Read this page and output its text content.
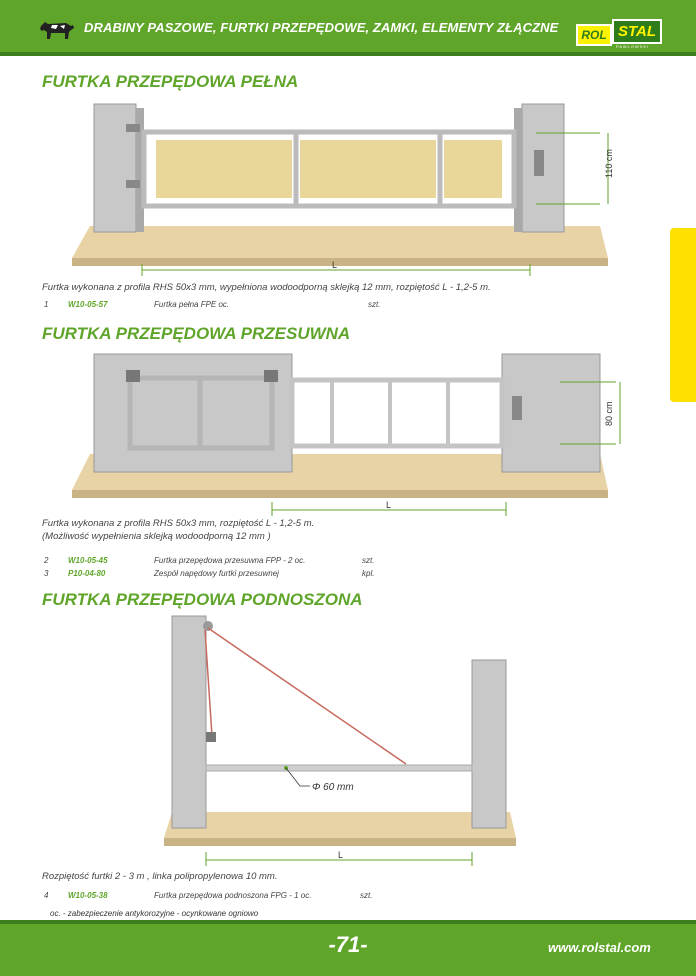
DRABINY PASZOWE, FURTKI PRZEPĘDOWE, ZAMKI, ELEMENTY ZŁĄCZNE	ROL STAL
PAWLOWSKI
FURTKA PRZEPĘDOWA PEŁNA
110 cm
L
Furtka wykonana z profila RHS 50x3 mm, wypełniona wodoodporną sklejką 12 mm, rozpiętość L - 1,2-5 m.
1 W10-05-57	Furtka pełna FPE oc.	szt.
FURTKA PRZEPĘDOWA PRZESUWNA
80 cm
L
Furtka wykonana z profila RHS 50x3 mm, rozpiętość L - 1,2-5 m.
(Możliwość wypełnienia sklejką wodoodporną 12 mm )
2 W10-05-45	Furtka przepędowa przesuwna FPP - 2 oc.	szt.
3 P10-04-80	Zespół napędowy furtki przesuwnej	kpl.
FURTKA PRZEPĘDOWA PODNOSZONA
Φ 60 mm
L
Rozpiętość furtki 2 - 3 m , linka polipropylenowa 10 mm.
4 W10-05-38	Furtka przepędowa podnoszona FPG - 1 oc.	szt.
oc. - zabezpieczenie antykorozyjne - ocynkowane ogniowo
-71-	www.rolstal.com
